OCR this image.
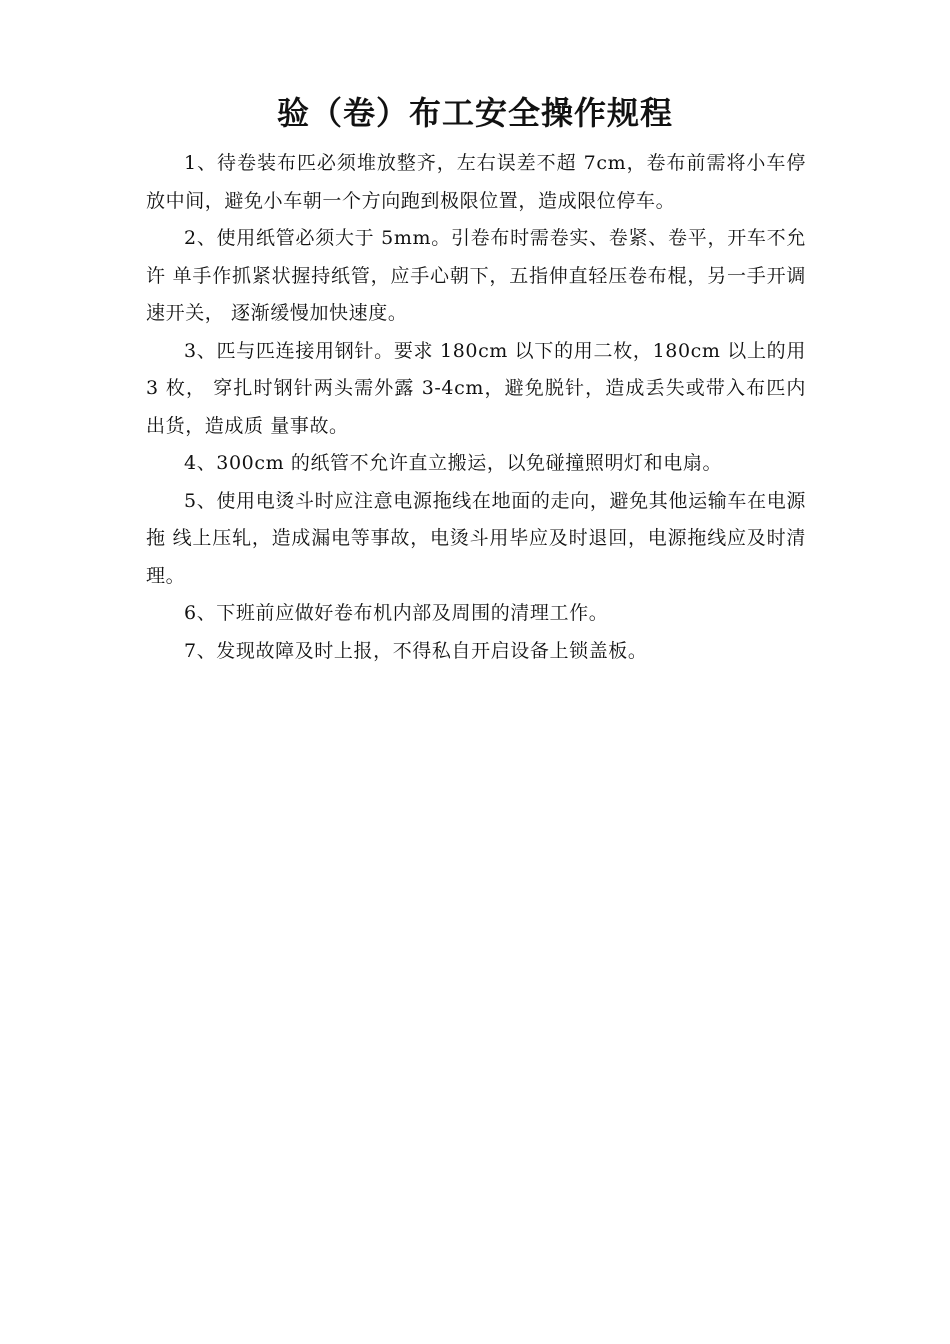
验（卷）布工安全操作规程

1、待卷装布匹必须堆放整齐，左右误差不超 7cm，卷布前需将小车停放中间，避免小车朝一个方向跑到极限位置，造成限位停车。

2、使用纸管必须大于 5mm。引卷布时需卷实、卷紧、卷平，开车不允许 单手作抓紧状握持纸管，应手心朝下，五指伸直轻压卷布棍，另一手开调速开关， 逐渐缓慢加快速度。

3、匹与匹连接用钢针。要求 180cm 以下的用二枚，180cm 以上的用 3 枚， 穿扎时钢针两头需外露 3-4cm，避免脱针，造成丢失或带入布匹内出货，造成质 量事故。

4、300cm 的纸管不允许直立搬运，以免碰撞照明灯和电扇。

5、使用电烫斗时应注意电源拖线在地面的走向，避免其他运输车在电源拖 线上压轧，造成漏电等事故，电烫斗用毕应及时退回，电源拖线应及时清理。

6、下班前应做好卷布机内部及周围的清理工作。

7、发现故障及时上报，不得私自开启设备上锁盖板。
